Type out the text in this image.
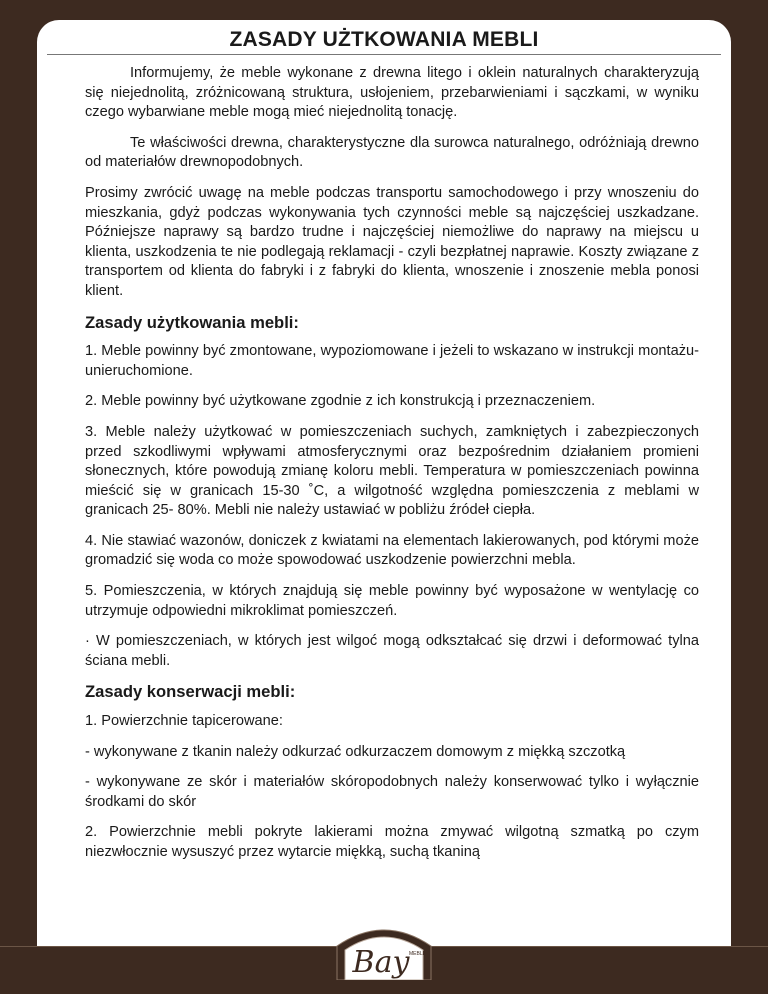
ZASADY UŻTKOWANIA MEBLI

Informujemy, że meble wykonane z drewna litego i oklein naturalnych charakteryzują się niejednolitą, zróżnicowaną struktura, usłojeniem, przebarwieniami i sączkami, w wyniku czego wybarwiane meble mogą mieć niejednolitą tonację.

Te właściwości drewna, charakterystyczne dla surowca naturalnego, odróżniają drewno od materiałów drewnopodobnych.

Prosimy zwrócić uwagę na meble podczas transportu samochodowego i przy wnoszeniu do mieszkania, gdyż podczas wykonywania tych czynności meble są najczęściej uszkadzane. Późniejsze naprawy są bardzo trudne i najczęściej niemożliwe do naprawy na miejscu u klienta, uszkodzenia te nie podlegają reklamacji - czyli bezpłatnej naprawie. Koszty związane z transportem od klienta do fabryki i z fabryki do klienta, wnoszenie i znoszenie mebla ponosi klient.

Zasady użytkowania mebli:

1. Meble powinny być zmontowane, wypoziomowane i jeżeli to wskazano w instrukcji montażu- unieruchomione.

2. Meble powinny być użytkowane zgodnie z ich konstrukcją i przeznaczeniem.

3. Meble należy użytkować w pomieszczeniach suchych, zamkniętych i zabezpieczonych przed szkodliwymi wpływami atmosferycznymi oraz bezpośrednim działaniem promieni słonecznych, które powodują zmianę koloru mebli. Temperatura w pomieszczeniach powinna mieścić się w granicach 15-30 ˚C, a wilgotność względna pomieszczenia z meblami w granicach 25- 80%. Mebli nie należy ustawiać w pobliżu źródeł ciepła.

4. Nie stawiać wazonów, doniczek z kwiatami na elementach lakierowanych, pod którymi może gromadzić się woda co może spowodować uszkodzenie powierzchni mebla.

5. Pomieszczenia, w których znajdują się meble powinny być wyposażone w wentylację co utrzymuje odpowiedni mikroklimat pomieszczeń.

· W pomieszczeniach, w których jest wilgoć mogą odkształcać się drzwi i deformować tylna ściana mebli.

Zasady konserwacji mebli:

1. Powierzchnie tapicerowane:

- wykonywane z tkanin należy odkurzać odkurzaczem domowym z miękką szczotką

- wykonywane ze skór i materiałów skóropodobnych należy konserwować tylko i wyłącznie środkami do skór

2. Powierzchnie mebli pokryte lakierami można zmywać wilgotną szmatką po czym niezwłocznie wysuszyć przez wytarcie miękką, suchą tkaniną

Bay MEBLE
